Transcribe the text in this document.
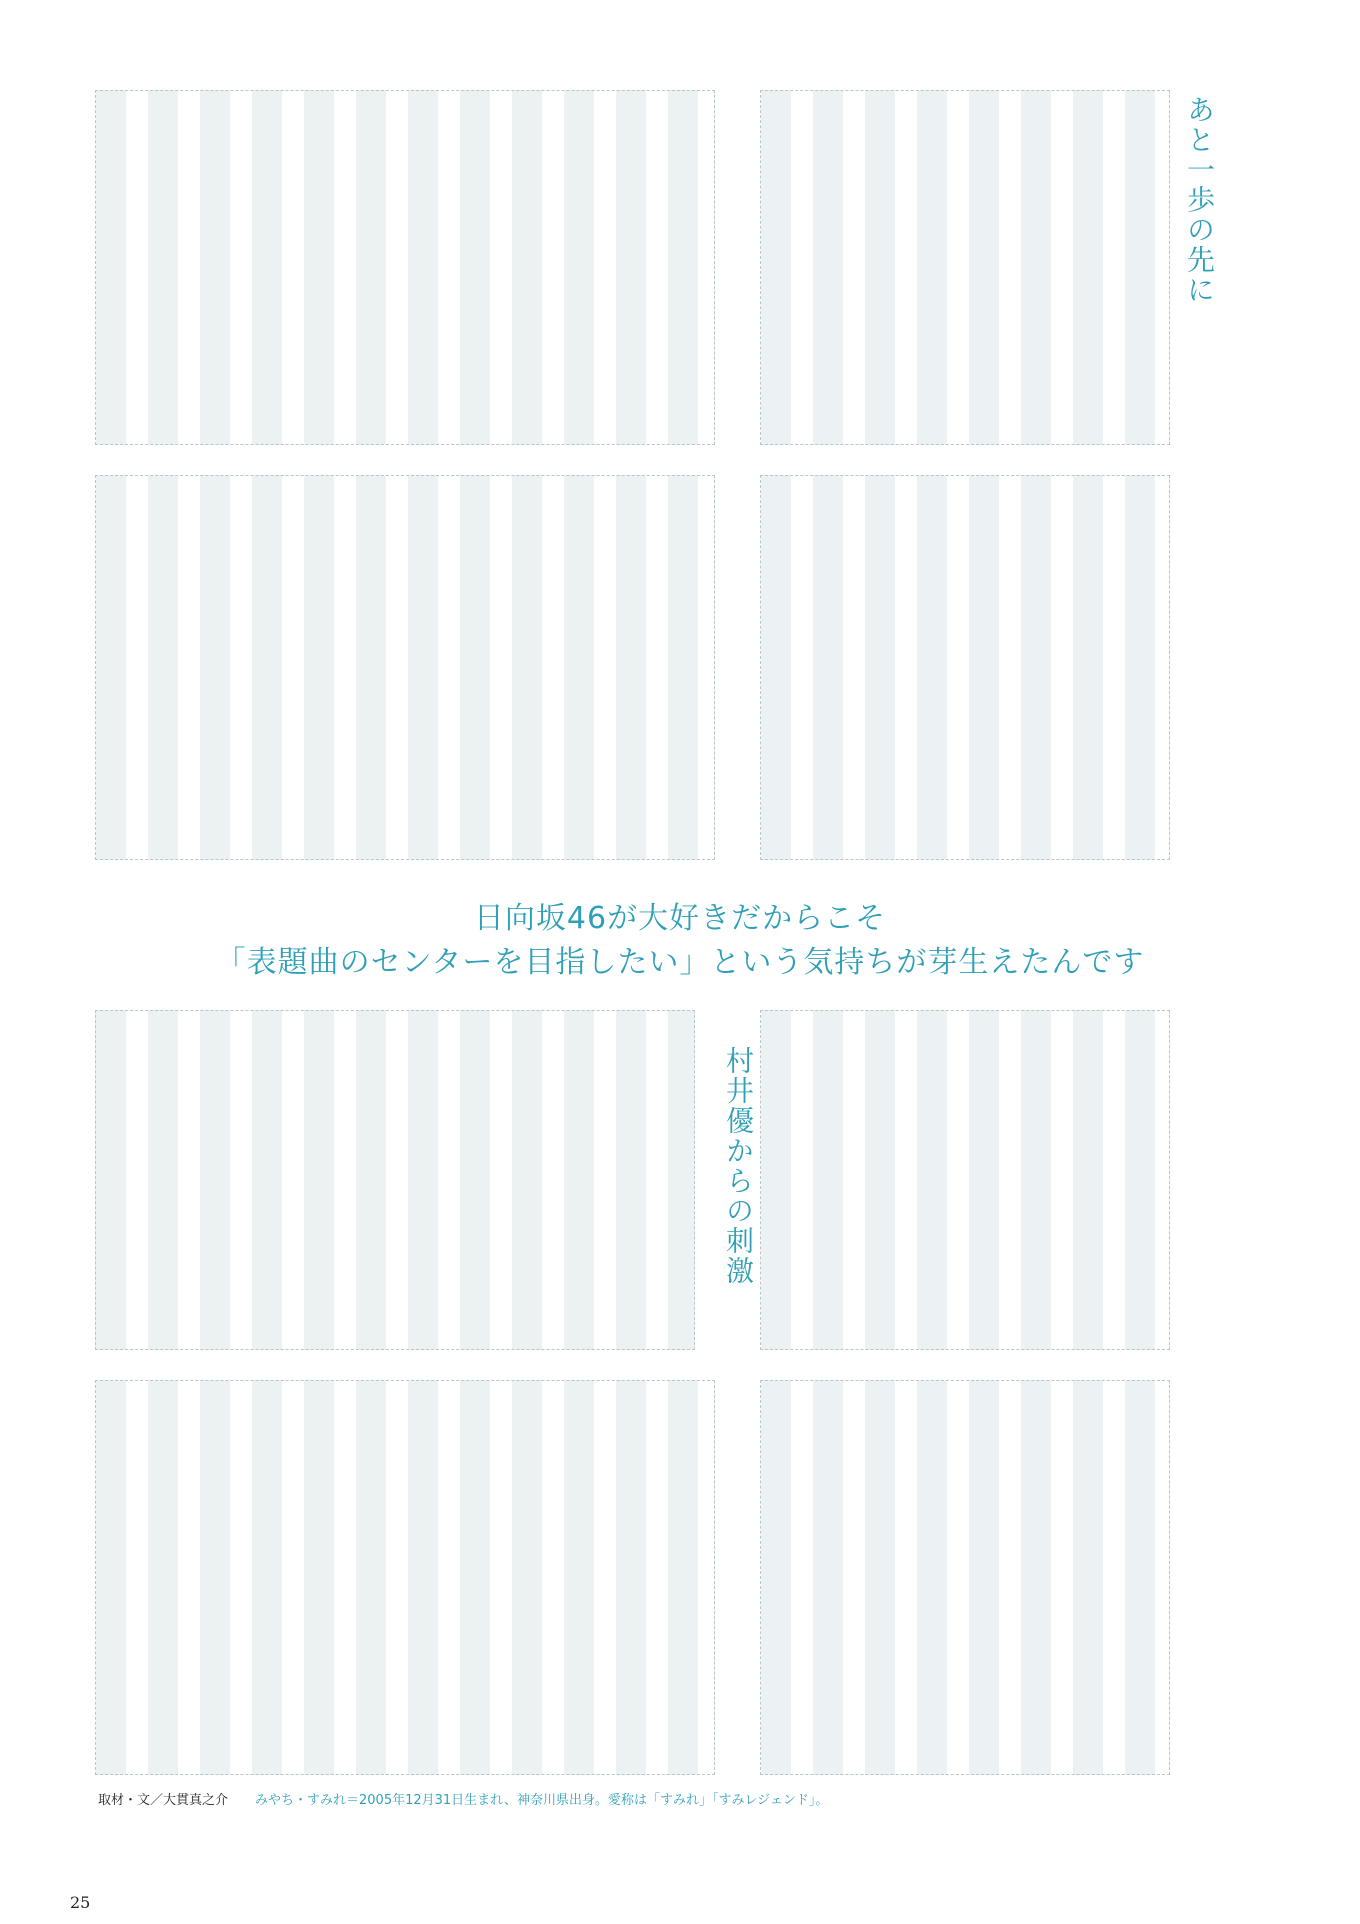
あと一歩の先に
村井優からの刺激
日向坂46が大好きだからこそ
「表題曲のセンターを目指したい」という気持ちが芽生えたんです
取材・文／大貫真之介 みやち・すみれ＝2005年12月31日生まれ、神奈川県出身。愛称は「すみれ」「すみレジェンド」。
25
